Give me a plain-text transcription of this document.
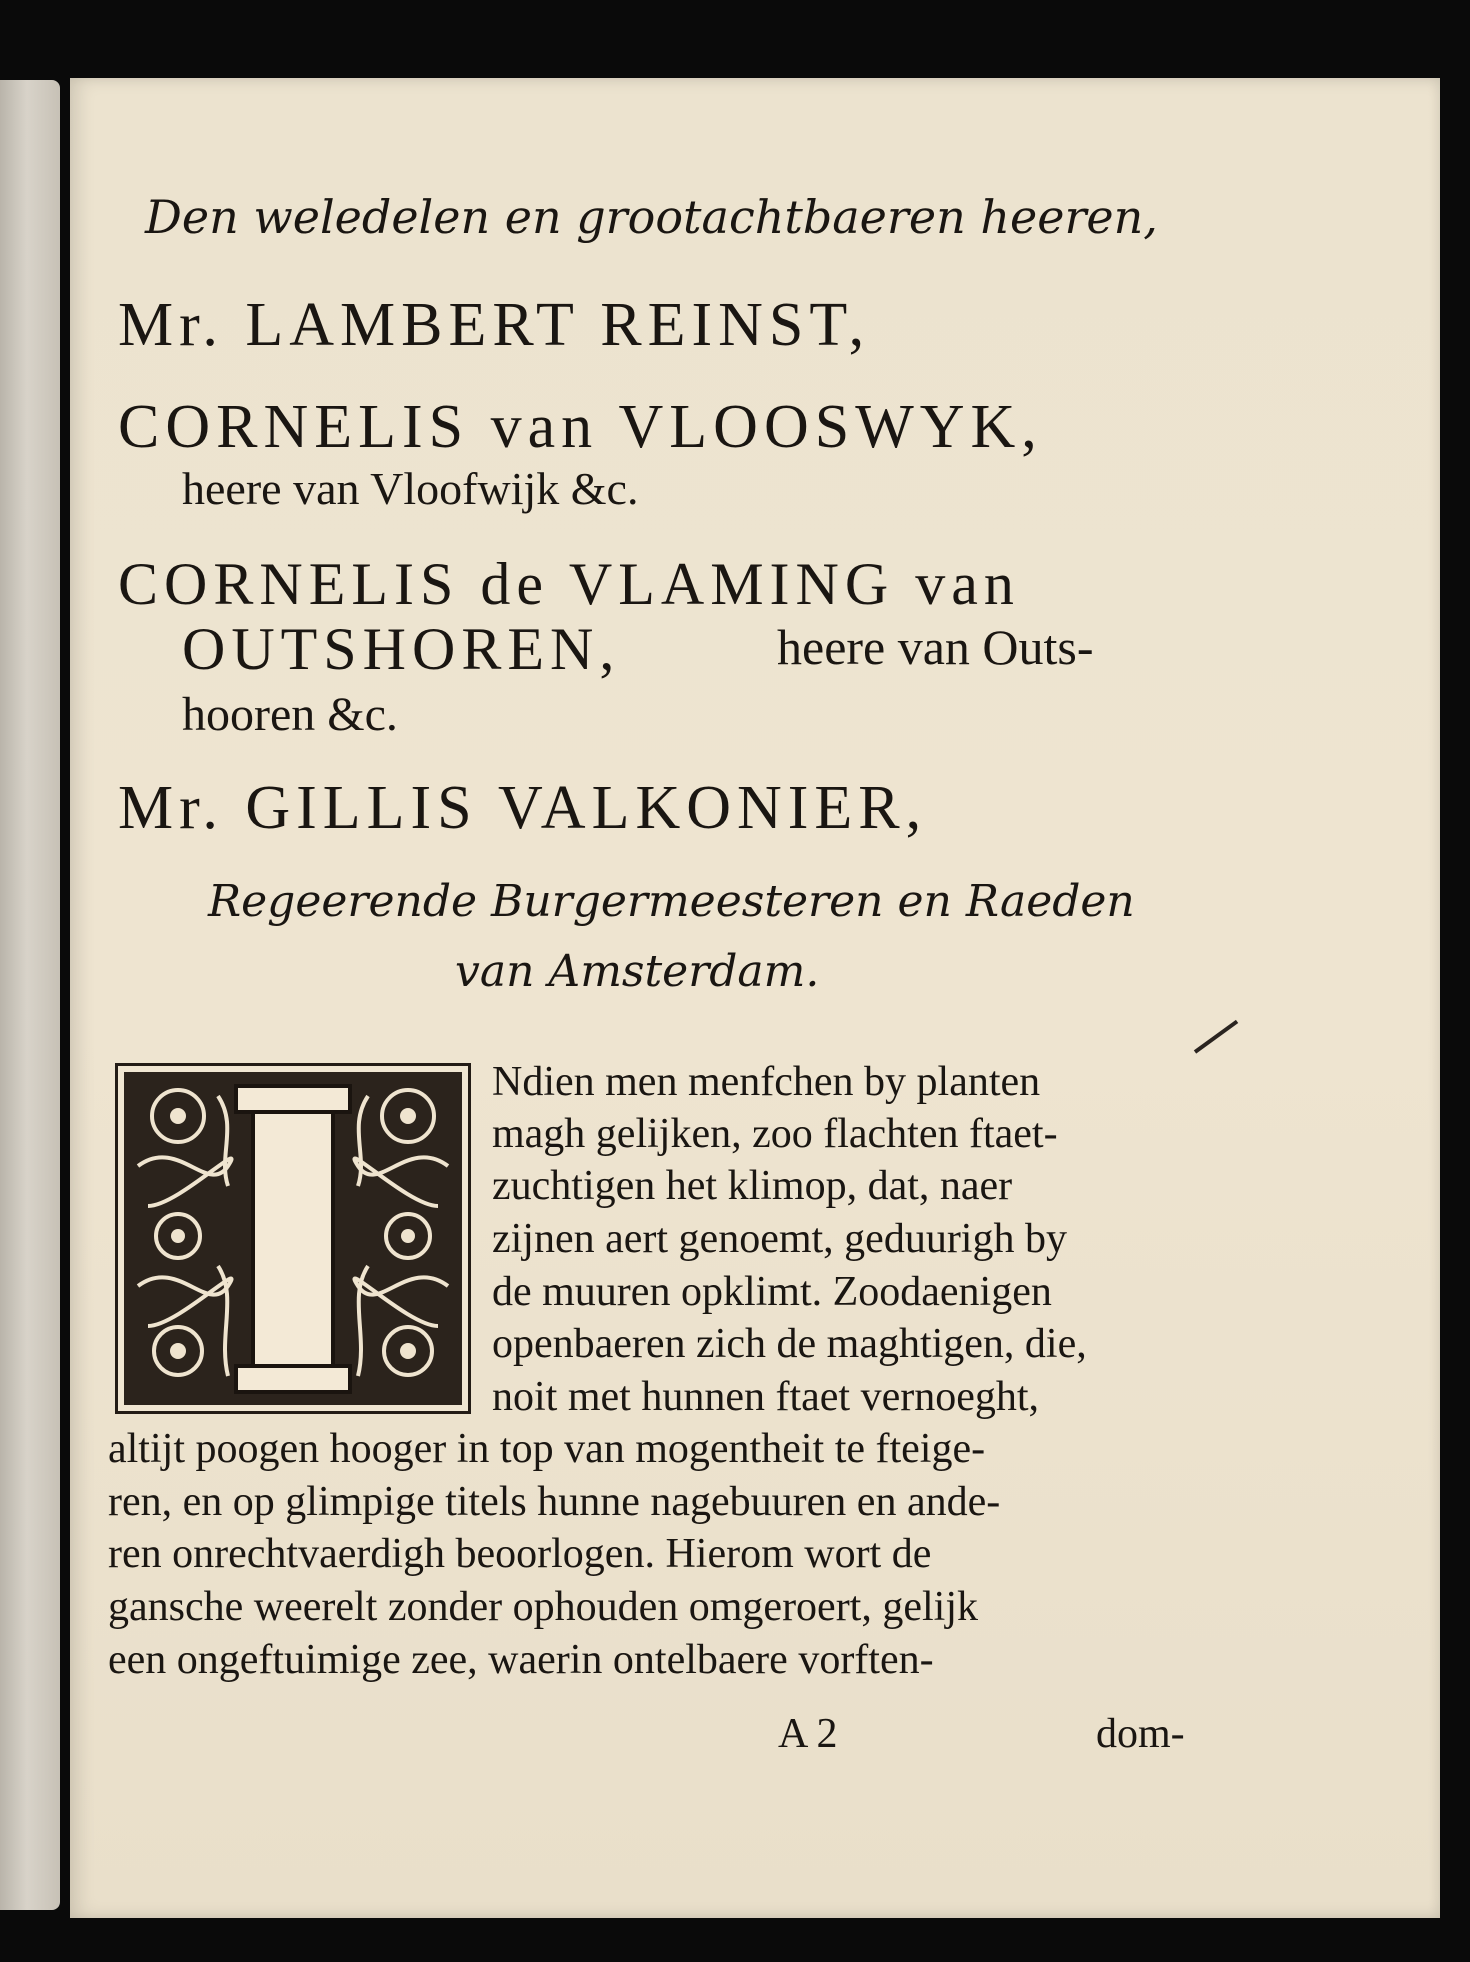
Den weledelen en grootachtbaeren heeren,
Mr. LAMBERT REINST,
CORNELIS van VLOOSWYK,
heere van Vloofwijk &c.
CORNELIS de VLAMING van
OUTSHOREN,	heere van Outs-
hooren &c.
Mr. GILLIS VALKONIER,
Regeerende Burgermeesteren en Raeden
van Amsterdam.
Ndien men menfchen by planten
magh gelijken, zoo flachten ftaet-
zuchtigen het klimop, dat, naer
zijnen aert genoemt, geduurigh by
de muuren opklimt. Zoodaenigen
openbaeren zich de maghtigen, die,
noit met hunnen ftaet vernoeght,
altijt poogen hooger in top van mogentheit te fteige-
ren, en op glimpige titels hunne nagebuuren en ande-
ren onrechtvaerdigh beoorlogen. Hierom wort de
gansche weerelt zonder ophouden omgeroert, gelijk
een ongeftuimige zee, waerin ontelbaere vorften-
A 2	dom-
